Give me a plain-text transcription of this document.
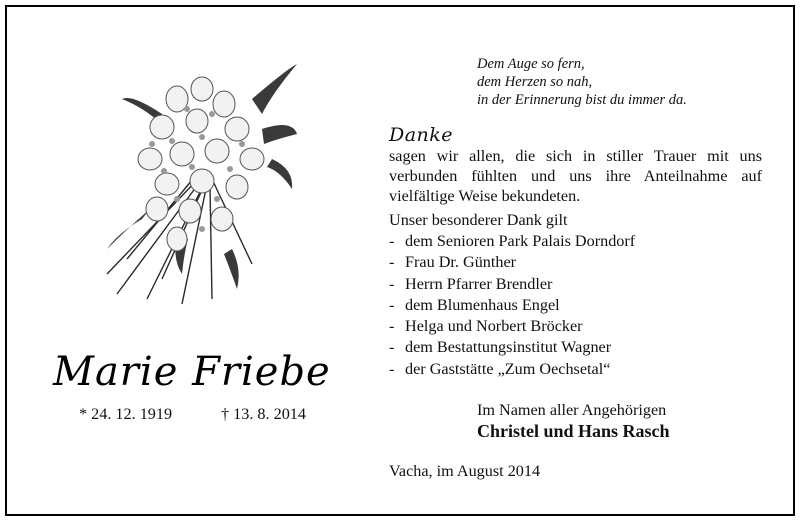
Dem Auge so fern,
dem Herzen so nah,
in der Erinnerung bist du immer da.
Danke
sagen wir allen, die sich in stiller Trauer mit uns
verbunden fühlten und uns ihre Anteilnahme auf
vielfältige Weise bekundeten.
Unser besonderer Dank gilt
- dem Senioren Park Palais Dorndorf
- Frau Dr. Günther
- Herrn Pfarrer Brendler
- dem Blumenhaus Engel
- Helga und Norbert Bröcker
- dem Bestattungsinstitut Wagner
- der Gaststätte „Zum Oechsetal“
Im Namen aller Angehörigen
Christel und Hans Rasch
Vacha, im August 2014
Marie Friebe
* 24. 12. 1919	† 13. 8. 2014
